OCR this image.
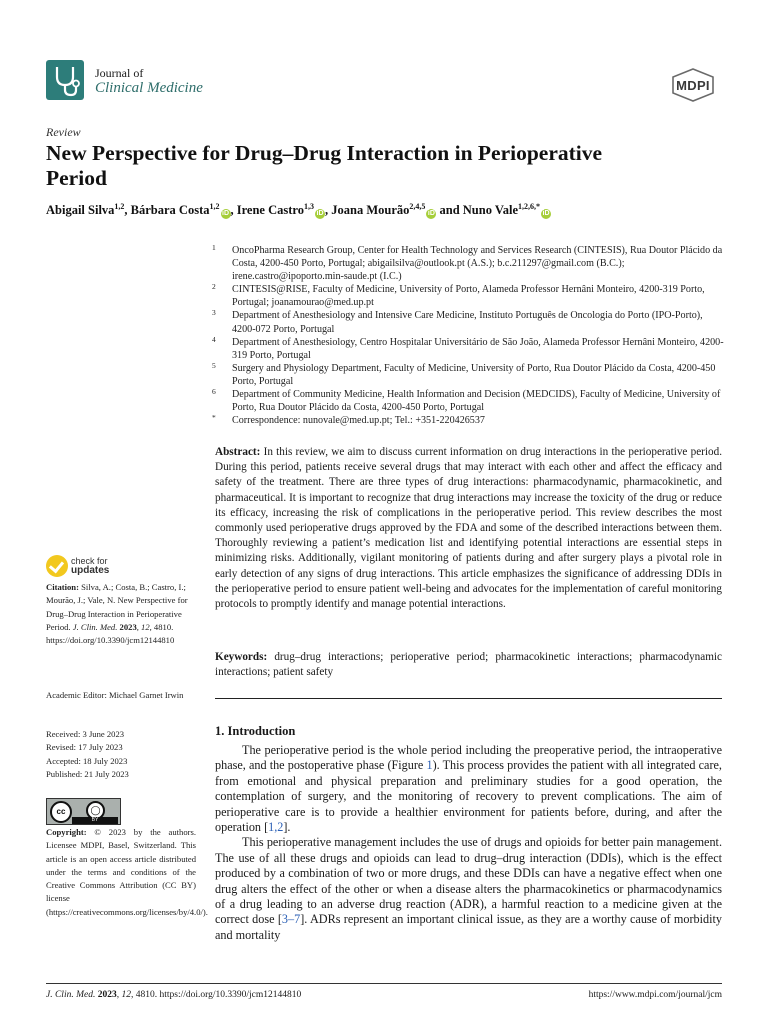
Journal of
Clinical Medicine	MDPI
Review
New Perspective for Drug–Drug Interaction in Perioperative Period
Abigail Silva$^{1,2}$, Bárbara Costa$^{1,2}$iD , Irene Castro$^{1,3}$iD , Joana Mourão$^{2,4,5}$iD and Nuno Vale$^{1,2,6,*}$iD
1 OncoPharma Research Group, Center for Health Technology and Services Research (CINTESIS), Rua Doutor Plácido da Costa, 4200-450 Porto, Portugal; abigailsilva@outlook.pt (A.S.); b.c.211297@gmail.com (B.C.); irene.castro@ipoporto.min-saude.pt (I.C.)
2 CINTESIS@RISE, Faculty of Medicine, University of Porto, Alameda Professor Hernâni Monteiro, 4200-319 Porto, Portugal; joanamourao@med.up.pt
3 Department of Anesthesiology and Intensive Care Medicine, Instituto Português de Oncologia do Porto (IPO-Porto), 4200-072 Porto, Portugal
4 Department of Anesthesiology, Centro Hospitalar Universitário de São João, Alameda Professor Hernâni Monteiro, 4200-319 Porto, Portugal
5 Surgery and Physiology Department, Faculty of Medicine, University of Porto, Rua Doutor Plácido da Costa, 4200-450 Porto, Portugal
6 Department of Community Medicine, Health Information and Decision (MEDCIDS), Faculty of Medicine, University of Porto, Rua Doutor Plácido da Costa, 4200-450 Porto, Portugal
* Correspondence: nunovale@med.up.pt; Tel.: +351-220426537
Abstract: In this review, we aim to discuss current information on drug interactions in the perioperative period. During this period, patients receive several drugs that may interact with each other and affect the efficacy and safety of the treatment. There are three types of drug interactions: pharmacodynamic, pharmacokinetic, and pharmaceutical. It is important to recognize that drug interactions may increase the toxicity of the drug or reduce its efficacy, increasing the risk of complications in the perioperative period. This review describes the most commonly used perioperative drugs approved by the FDA and some of the described interactions between them. Thoroughly reviewing a patient’s medication list and identifying potential interactions are essential steps in minimizing risks. Additionally, vigilant monitoring of patients during and after surgery plays a pivotal role in early detection of any signs of drug interactions. This article emphasizes the significance of addressing DDIs in the perioperative period to ensure patient well-being and advocates for the implementation of careful monitoring protocols to promptly identify and manage potential interactions.
Keywords: drug–drug interactions; perioperative period; pharmacokinetic interactions; pharmacodynamic interactions; patient safety
1. Introduction

The perioperative period is the whole period including the preoperative period, the intraoperative phase, and the postoperative phase (Figure 1). This process provides the patient with all integrated care, from emotional and physical preparation and preliminary studies for a good operation, the contemplation of surgery, and the monitoring of recovery to prevent complications. The aim of perioperative care is to provide a healthier environment for patients before, during, and after the operation [1,2].

This perioperative management includes the use of drugs and opioids for better pain management. The use of all these drugs and opioids can lead to drug–drug interaction (DDIs), which is the effect produced by a combination of two or more drugs, and these DDIs can have a negative effect when one drug alters the effect of the other or when a disease alters the pharmacokinetics or pharmacodynamics of a drug leading to an adverse drug reaction (ADR), a harmful reaction to a medicine given at the correct dose [3–7]. ADRs represent an important clinical issue, as they are a worthy cause of morbidity and mortality

check for
updates
Citation: Silva, A.; Costa, B.; Castro, I.; Mourão, J.; Vale, N. New Perspective for Drug–Drug Interaction in Perioperative Period. J. Clin. Med. 2023, 12, 4810. https://doi.org/10.3390/jcm12144810
Academic Editor: Michael Garnet Irwin
Received: 3 June 2023
Revised: 17 July 2023
Accepted: 18 July 2023
Published: 21 July 2023
cc	◯
BY
Copyright: © 2023 by the authors. Licensee MDPI, Basel, Switzerland. This article is an open access article distributed under the terms and conditions of the Creative Commons Attribution (CC BY) license (https://creativecommons.org/licenses/by/4.0/).
J. Clin. Med. 2023, 12, 4810. https://doi.org/10.3390/jcm12144810	https://www.mdpi.com/journal/jcm
